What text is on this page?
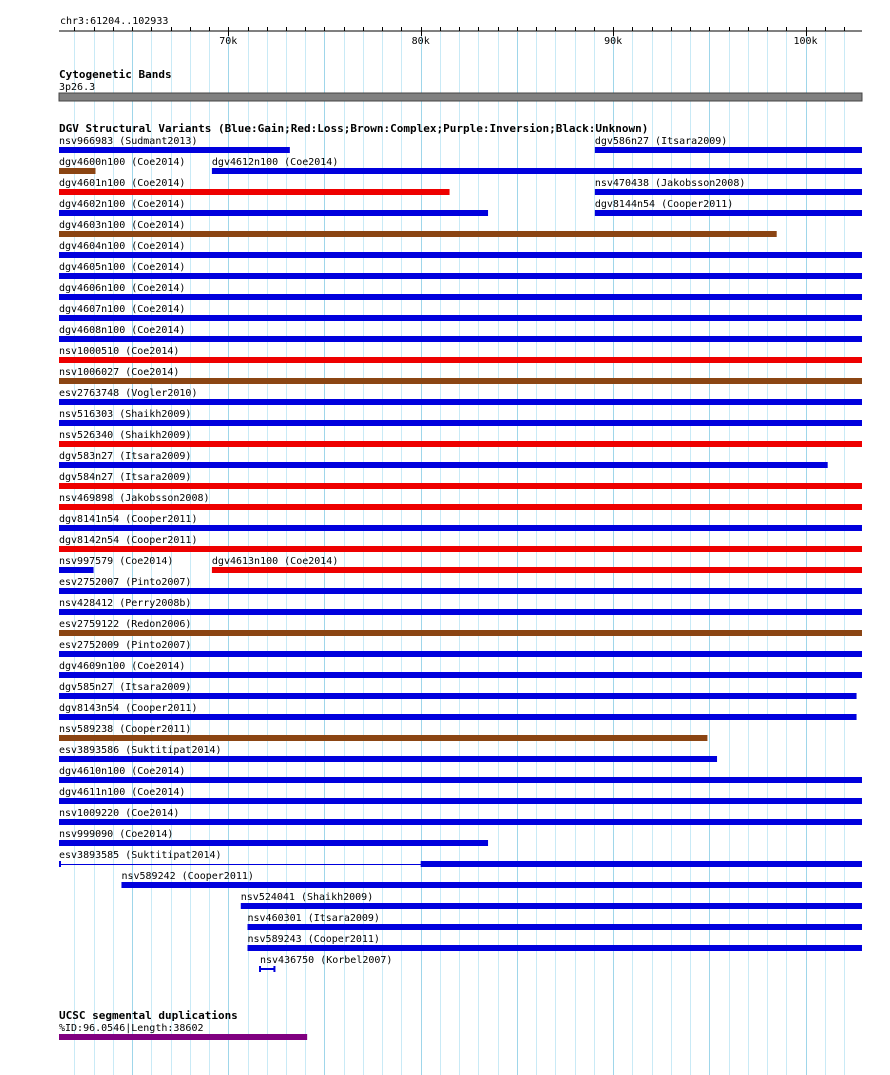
chr3:61204..102933
70k	80k	90k	100k
Cytogenetic Bands
3p26.3
DGV Structural Variants (Blue:Gain;Red:Loss;Brown:Complex;Purple:Inversion;Black:Unknown)
nsv966983 (Sudmant2013)	dgv586n27 (Itsara2009)
dgv4600n100 (Coe2014)	dgv4612n100 (Coe2014)
dgv4601n100 (Coe2014)	nsv470438 (Jakobsson2008)
dgv4602n100 (Coe2014)	dgv8144n54 (Cooper2011)
dgv4603n100 (Coe2014)
dgv4604n100 (Coe2014)
dgv4605n100 (Coe2014)
dgv4606n100 (Coe2014)
dgv4607n100 (Coe2014)
dgv4608n100 (Coe2014)
nsv1000510 (Coe2014)
nsv1006027 (Coe2014)
esv2763748 (Vogler2010)
nsv516303 (Shaikh2009)
nsv526340 (Shaikh2009)
dgv583n27 (Itsara2009)
dgv584n27 (Itsara2009)
nsv469898 (Jakobsson2008)
dgv8141n54 (Cooper2011)
dgv8142n54 (Cooper2011)
nsv997579 (Coe2014)	dgv4613n100 (Coe2014)
esv2752007 (Pinto2007)
nsv428412 (Perry2008b)
esv2759122 (Redon2006)
esv2752009 (Pinto2007)
dgv4609n100 (Coe2014)
dgv585n27 (Itsara2009)
dgv8143n54 (Cooper2011)
nsv589238 (Cooper2011)
esv3893586 (Suktitipat2014)
dgv4610n100 (Coe2014)
dgv4611n100 (Coe2014)
nsv1009220 (Coe2014)
nsv999090 (Coe2014)
esv3893585 (Suktitipat2014)
nsv589242 (Cooper2011)
nsv524041 (Shaikh2009)
nsv460301 (Itsara2009)
nsv589243 (Cooper2011)
nsv436750 (Korbel2007)
UCSC segmental duplications
%ID:96.0546|Length:38602
